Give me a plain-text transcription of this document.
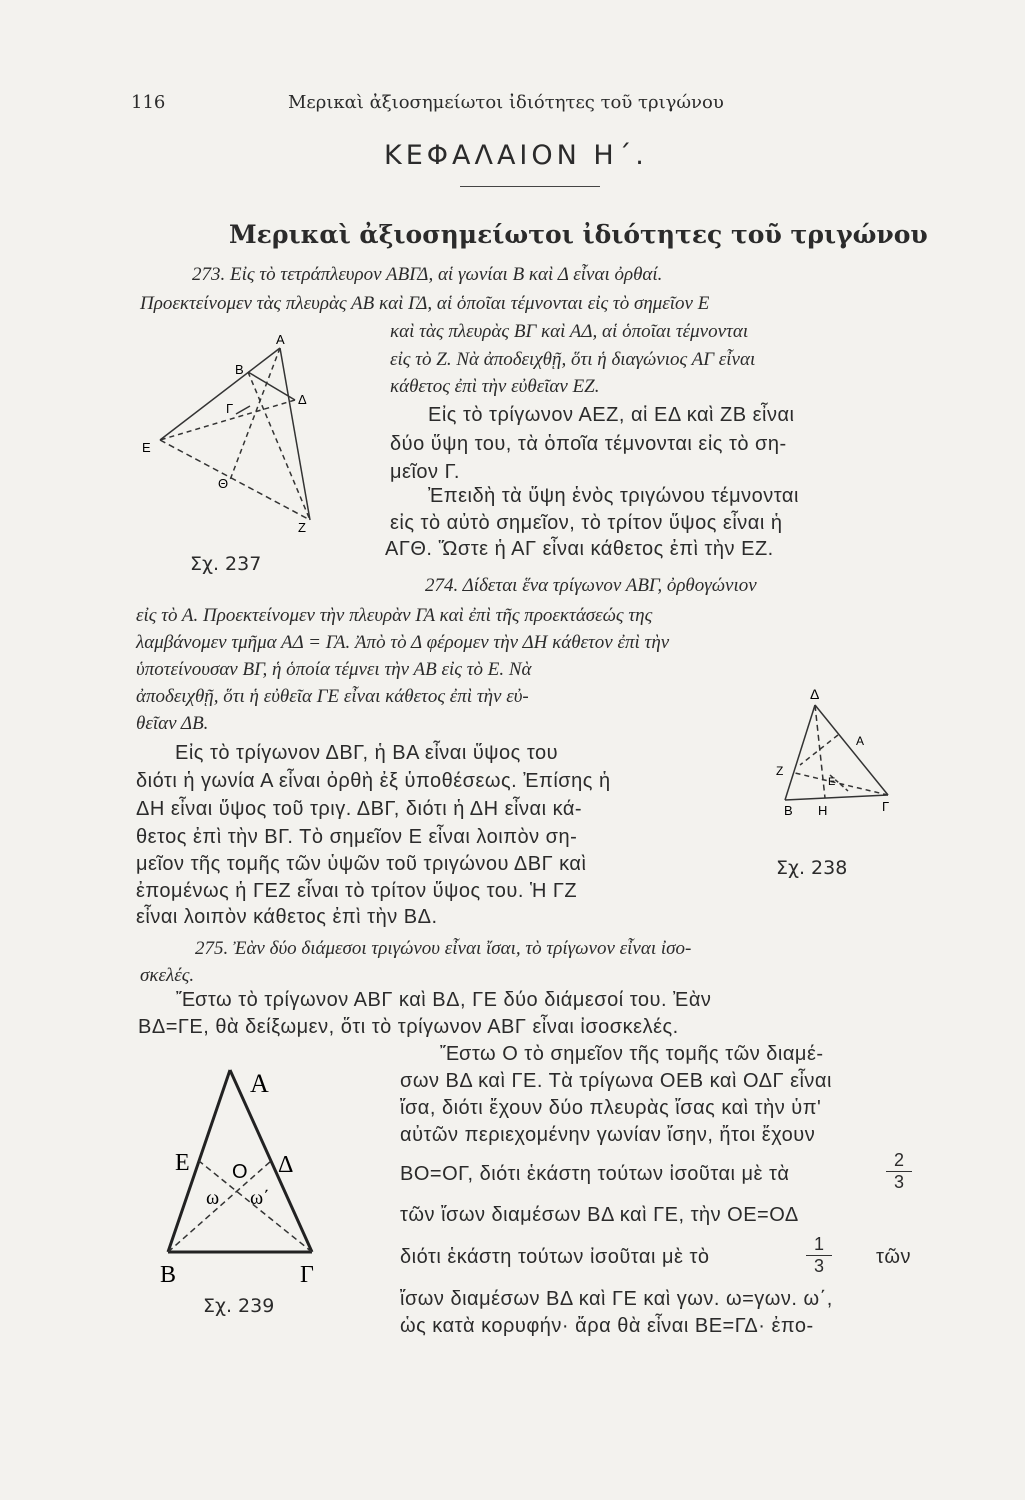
116	Μερικαὶ ἀξιοσημείωτοι ἰδιότητες τοῦ τριγώνου
ΚΕΦΑΛΑΙΟΝ Η΄.
Μερικαὶ ἀξιοσημείωτοι ἰδιότητες τοῦ τριγώνου
273. Εἰς τὸ τετράπλευρον ΑΒΓΔ, αἱ γωνίαι Β καὶ Δ εἶναι ὀρθαί.
Προεκτείνομεν τὰς πλευρὰς ΑΒ καὶ ΓΔ, αἱ ὁποῖαι τέμνονται εἰς τὸ σημεῖον Ε
καὶ τὰς πλευρὰς ΒΓ καὶ ΑΔ, αἱ ὁποῖαι τέμνονται
εἰς τὸ Ζ. Νὰ ἀποδειχθῇ, ὅτι ἡ διαγώνιος ΑΓ εἶναι
κάθετος ἐπὶ τὴν εὐθεῖαν ΕΖ.
Εἰς τὸ τρίγωνον ΑΕΖ, αἱ ΕΔ καὶ ΖΒ εἶναι
δύο ὕψη του, τὰ ὁποῖα τέμνονται εἰς τὸ ση-
μεῖον Γ.
Ἐπειδὴ τὰ ὕψη ἑνὸς τριγώνου τέμνονται
εἰς τὸ αὐτὸ σημεῖον, τὸ τρίτον ὕψος εἶναι ἡ
ΑΓΘ. Ὥστε ἡ ΑΓ εἶναι κάθετος ἐπὶ τὴν ΕΖ.
Α
Β
Γ
Δ
Ε
Θ
Ζ
Σχ. 237
274. Δίδεται ἕνα τρίγωνον ΑΒΓ, ὀρθογώνιον
εἰς τὸ Α. Προεκτείνομεν τὴν πλευρὰν ΓΑ καὶ ἐπὶ τῆς προεκτάσεώς της
λαμβάνομεν τμῆμα ΑΔ = ΓΑ. Ἀπὸ τὸ Δ φέρομεν τὴν ΔΗ κάθετον ἐπὶ τὴν
ὑποτείνουσαν ΒΓ, ἡ ὁποία τέμνει τὴν ΑΒ εἰς τὸ Ε. Νὰ
ἀποδειχθῇ, ὅτι ἡ εὐθεῖα ΓΕ εἶναι κάθετος ἐπὶ τὴν εὐ-
θεῖαν ΔΒ.
Εἰς τὸ τρίγωνον ΔΒΓ, ἡ ΒΑ εἶναι ὕψος του
διότι ἡ γωνία Α εἶναι ὀρθὴ ἐξ ὑποθέσεως. Ἐπίσης ἡ
ΔΗ εἶναι ὕψος τοῦ τριγ. ΔΒΓ, διότι ἡ ΔΗ εἶναι κά-
θετος ἐπὶ τὴν ΒΓ. Τὸ σημεῖον Ε εἶναι λοιπὸν ση-
μεῖον τῆς τομῆς τῶν ὑψῶν τοῦ τριγώνου ΔΒΓ καὶ
ἐπομένως ἡ ΓΕΖ εἶναι τὸ τρίτον ὕψος του. Ἡ ΓΖ
εἶναι λοιπὸν κάθετος ἐπὶ τὴν ΒΔ.
Δ
Α
Ζ
Ε
Β Η	Γ
Σχ. 238
275. Ἐὰν δύο διάμεσοι τριγώνου εἶναι ἴσαι, τὸ τρίγωνον εἶναι ἰσο-
σκελές.
Ἔστω τὸ τρίγωνον ΑΒΓ καὶ ΒΔ, ΓΕ δύο διάμεσοί του. Ἐὰν
ΒΔ=ΓΕ, θὰ δείξωμεν, ὅτι τὸ τρίγωνον ΑΒΓ εἶναι ἰσοσκελές.
Ἔστω Ο τὸ σημεῖον τῆς τομῆς τῶν διαμέ-
σων ΒΔ καὶ ΓΕ. Τὰ τρίγωνα ΟΕΒ καὶ ΟΔΓ εἶναι
ἴσα, διότι ἔχουν δύο πλευρὰς ἴσας καὶ τὴν ὑπ'
αὐτῶν περιεχομένην γωνίαν ἴσην, ἤτοι ἔχουν
ΒΟ=ΟΓ, διότι ἑκάστη τούτων ἰσοῦται μὲ τὰ	$\frac{2}{3}$
τῶν ἴσων διαμέσων ΒΔ καὶ ΓΕ, τὴν ΟΕ=ΟΔ
διότι ἑκάστη τούτων ἰσοῦται μὲ τὸ	$\frac{1}{3}$ τῶν
ἴσων διαμέσων ΒΔ καὶ ΓΕ καὶ γων. ω=γων. ω΄,
ὡς κατὰ κορυφήν· ἄρα θὰ εἶναι ΒΕ=ΓΔ· ἐπο-
Α
Ε	Δ
Ο
ω ω΄
Β	Γ
Σχ. 239
